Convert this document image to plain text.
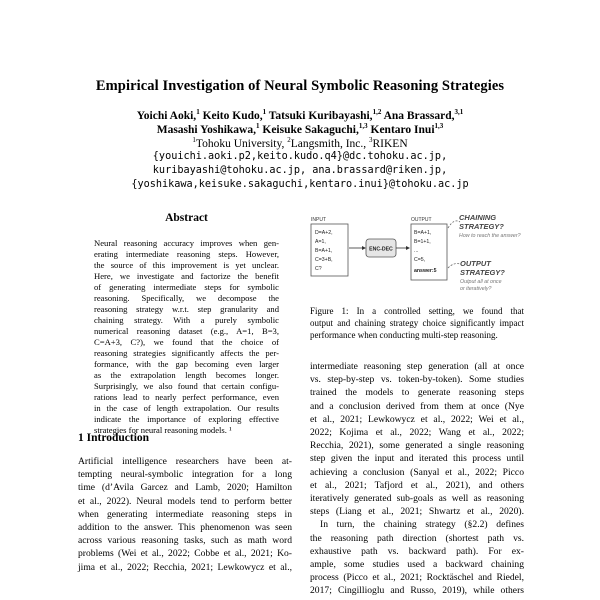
Empirical Investigation of Neural Symbolic Reasoning Strategies
Yoichi Aoki,$^1$ Keito Kudo,$^1$ Tatsuki Kuribayashi,$^{1,2}$ Ana Brassard,$^{3,1}$
Masashi Yoshikawa,$^1$ Keisuke Sakaguchi,$^{1,3}$ Kentaro Inui$^{1,3}$
$^1$Tohoku University, $^2$Langsmith, Inc., $^3$RIKEN
{youichi.aoki.p2,keito.kudo.q4}@dc.tohoku.ac.jp,
kuribayashi@tohoku.ac.jp, ana.brassard@riken.jp,
{yoshikawa,keisuke.sakaguchi,kentaro.inui}@tohoku.ac.jp
Abstract
Neural reasoning accuracy improves when gen-
erating intermediate reasoning steps. However,
the source of this improvement is yet unclear.
Here, we investigate and factorize the benefit
of generating intermediate steps for symbolic
reasoning. Specifically, we decompose the
reasoning strategy w.r.t. step granularity and
chaining strategy. With a purely symbolic
numerical reasoning dataset (e.g., A=1, B=3,
C=A+3, C?), we found that the choice of
reasoning strategies significantly affects the per-
formance, with the gap becoming even larger
as the extrapolation length becomes longer.
Surprisingly, we also found that certain configu-
rations lead to nearly perfect performance, even
in the case of length extrapolation. Our results
indicate the importance of exploring effective
strategies for neural reasoning models. ¹
1 Introduction
Artificial intelligence researchers have been at-
tempting neural-symbolic integration for a long
time (d’Avila Garcez and Lamb, 2020; Hamilton
et al., 2022). Neural models tend to perform better
when generating intermediate reasoning steps in
addition to the answer. This phenomenon was seen
across various reasoning tasks, such as math word
problems (Wei et al., 2022; Cobbe et al., 2021; Ko-
jima et al., 2022; Recchia, 2021; Lewkowycz et al.,
INPUT
D=A+2,
A=1,
B=A+1,
C=3+B,
C?
ENC-DEC
OUTPUT
B=A+1,
B=1+1,
...
C=5,
answer:5
CHAINING STRATEGY?
How to reach the answer?
OUTPUT STRATEGY?
Output all at once
or iteratively?
Figure 1: In a controlled setting, we found that
output and chaining strategy choice significantly impact
performance when conducting multi-step reasoning.
intermediate reasoning step generation (all at once
vs. step-by-step vs. token-by-token). Some studies
trained the models to generate reasoning steps
and a conclusion derived from them at once (Nye
et al., 2021; Lewkowycz et al., 2022; Wei et al.,
2022; Kojima et al., 2022; Wang et al., 2022;
Recchia, 2021), some generated a single reasoning
step given the input and iterated this process until
achieving a conclusion (Sanyal et al., 2022; Picco
et al., 2021; Tafjord et al., 2021), and others
iteratively generated sub-goals as well as reasoning
steps (Liang et al., 2021; Shwartz et al., 2020).
In turn, the chaining strategy (§2.2) defines
the reasoning path direction (shortest path vs.
exhaustive path vs. backward path). For ex-
ample, some studies used a backward chaining
process (Picco et al., 2021; Rocktäschel and Riedel,
2017; Cingillioglu and Russo, 2019), while others
